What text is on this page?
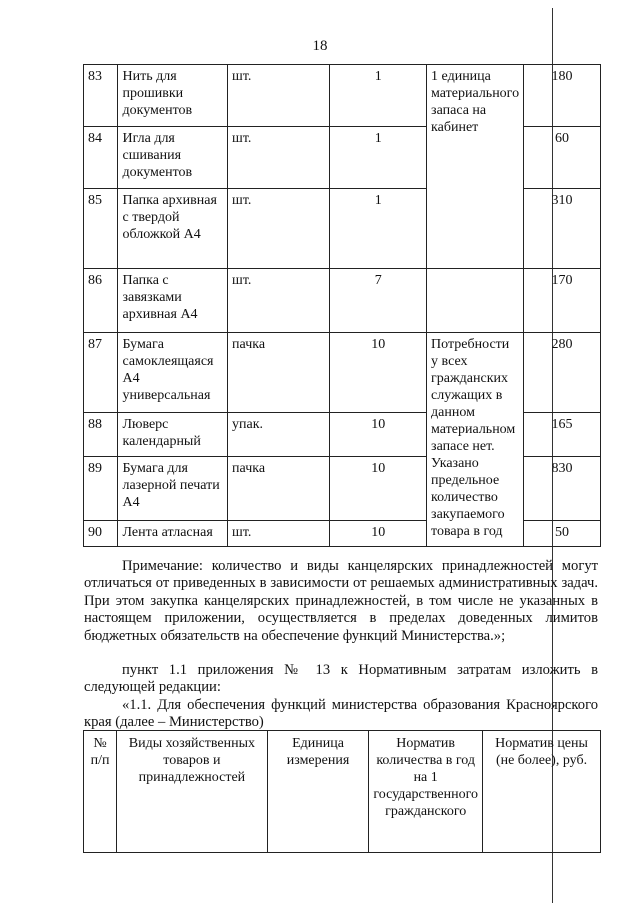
18
83	Нить для прошивки документов	шт.	1	1 единица материального запаса на кабинет	180
84	Игла для сшивания документов	шт.	1		60
85	Папка архивная с твердой обложкой А4	шт.	1		310
86	Папка с завязками архивная А4	шт.	7		170
87	Бумага самоклеящаяся А4 универсальная	пачка	10	Потребности у всех гражданских служащих в данном материальном запасе нет. Указано предельное количество закупаемого товара в год	280
88	Люверс календарный	упак.	10		165
89	Бумага для лазерной печати А4	пачка	10		830
90	Лента атласная	шт.	10		50
Примечание: количество и виды канцелярских принадлежностей могут отличаться от приведенных в зависимости от решаемых административных задач. При этом закупка канцелярских принадлежностей, в том числе не указанных в настоящем приложении, осуществляется в пределах доведенных лимитов бюджетных обязательств на обеспечение функций Министерства.»;
пункт 1.1 приложения № 13 к Нормативным затратам изложить в следующей редакции:
«1.1. Для обеспечения функций министерства образования Красноярского края (далее – Министерство)
№ п/п	Виды хозяйственных товаров и принадлежностей	Единица измерения	Норматив количества в год на 1 государственного гражданского	Норматив цены (не более), руб.
